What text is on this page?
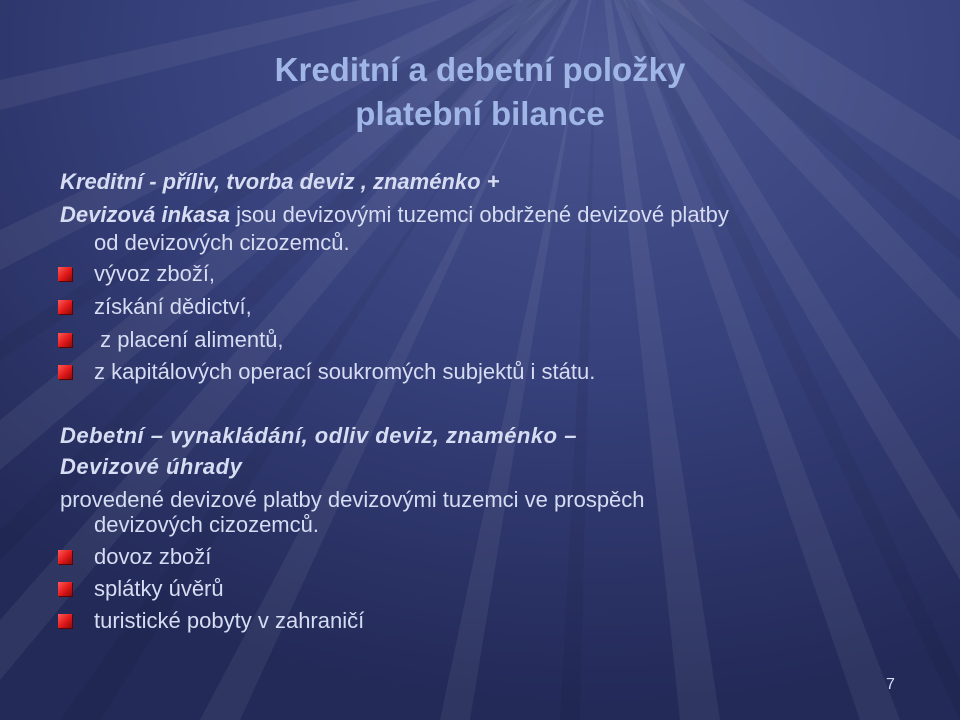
Kreditní a debetní položky
platební bilance
Kreditní - příliv, tvorba deviz , znaménko +
Devizová inkasa jsou devizovými tuzemci obdržené devizové platby
od devizových cizozemců.
vývoz zboží,
získání dědictví,
z placení alimentů,
z kapitálových operací soukromých subjektů i státu.
Debetní – vynakládání, odliv deviz, znaménko –
Devizové úhrady
provedené devizové platby devizovými tuzemci ve prospěch
devizových cizozemců.
dovoz zboží
splátky úvěrů
turistické pobyty v zahraničí
7
